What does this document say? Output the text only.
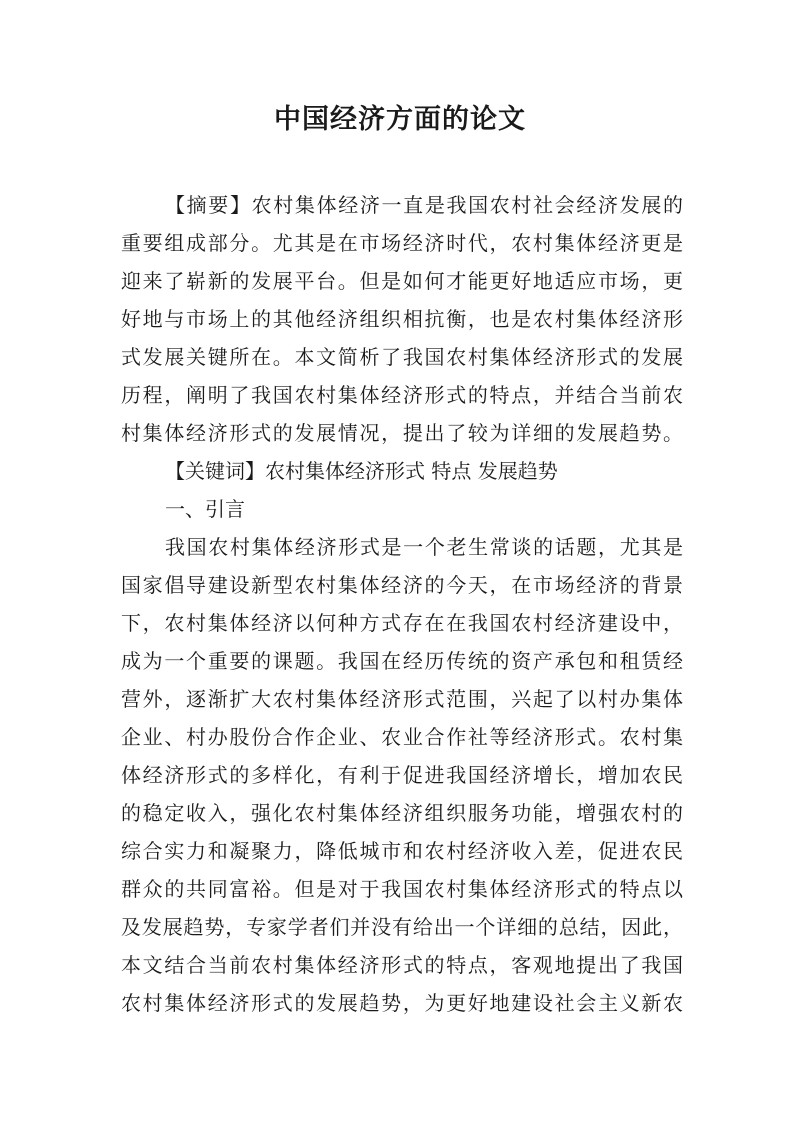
中国经济方面的论文
【摘要】农村集体经济一直是我国农村社会经济发展的
重要组成部分。尤其是在市场经济时代，农村集体经济更是
迎来了崭新的发展平台。但是如何才能更好地适应市场，更
好地与市场上的其他经济组织相抗衡，也是农村集体经济形
式发展关键所在。本文简析了我国农村集体经济形式的发展
历程，阐明了我国农村集体经济形式的特点，并结合当前农
村集体经济形式的发展情况，提出了较为详细的发展趋势。
【关键词】农村集体经济形式 特点 发展趋势
一、引言
我国农村集体经济形式是一个老生常谈的话题，尤其是
国家倡导建设新型农村集体经济的今天，在市场经济的背景
下，农村集体经济以何种方式存在在我国农村经济建设中，
成为一个重要的课题。我国在经历传统的资产承包和租赁经
营外，逐渐扩大农村集体经济形式范围，兴起了以村办集体
企业、村办股份合作企业、农业合作社等经济形式。农村集
体经济形式的多样化，有利于促进我国经济增长，增加农民
的稳定收入，强化农村集体经济组织服务功能，增强农村的
综合实力和凝聚力，降低城市和农村经济收入差，促进农民
群众的共同富裕。但是对于我国农村集体经济形式的特点以
及发展趋势，专家学者们并没有给出一个详细的总结，因此，
本文结合当前农村集体经济形式的特点，客观地提出了我国
农村集体经济形式的发展趋势，为更好地建设社会主义新农
